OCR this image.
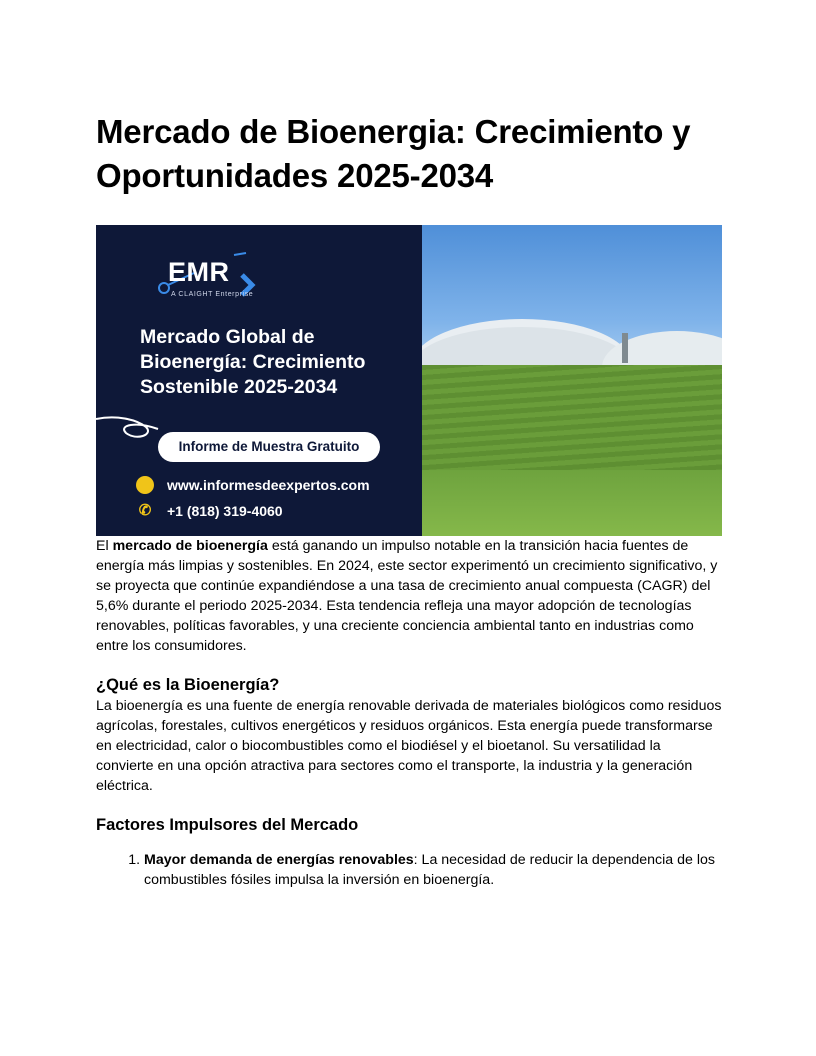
Mercado de Bioenergia: Crecimiento y Oportunidades 2025-2034
EMR
A CLAIGHT Enterprise
Mercado Global de Bioenergía: Crecimiento Sostenible 2025-2034
Informe de Muestra Gratuito
www.informesdeexpertos.com
✆ +1 (818) 319-4060

El mercado de bioenergía está ganando un impulso notable en la transición hacia fuentes de energía más limpias y sostenibles. En 2024, este sector experimentó un crecimiento significativo, y se proyecta que continúe expandiéndose a una tasa de crecimiento anual compuesta (CAGR) del 5,6% durante el periodo 2025-2034. Esta tendencia refleja una mayor adopción de tecnologías renovables, políticas favorables, y una creciente conciencia ambiental tanto en industrias como entre los consumidores.

¿Qué es la Bioenergía?

La bioenergía es una fuente de energía renovable derivada de materiales biológicos como residuos agrícolas, forestales, cultivos energéticos y residuos orgánicos. Esta energía puede transformarse en electricidad, calor o biocombustibles como el biodiésel y el bioetanol. Su versatilidad la convierte en una opción atractiva para sectores como el transporte, la industria y la generación eléctrica.

Factores Impulsores del Mercado
1. Mayor demanda de energías renovables: La necesidad de reducir la dependencia de los combustibles fósiles impulsa la inversión en bioenergía.
